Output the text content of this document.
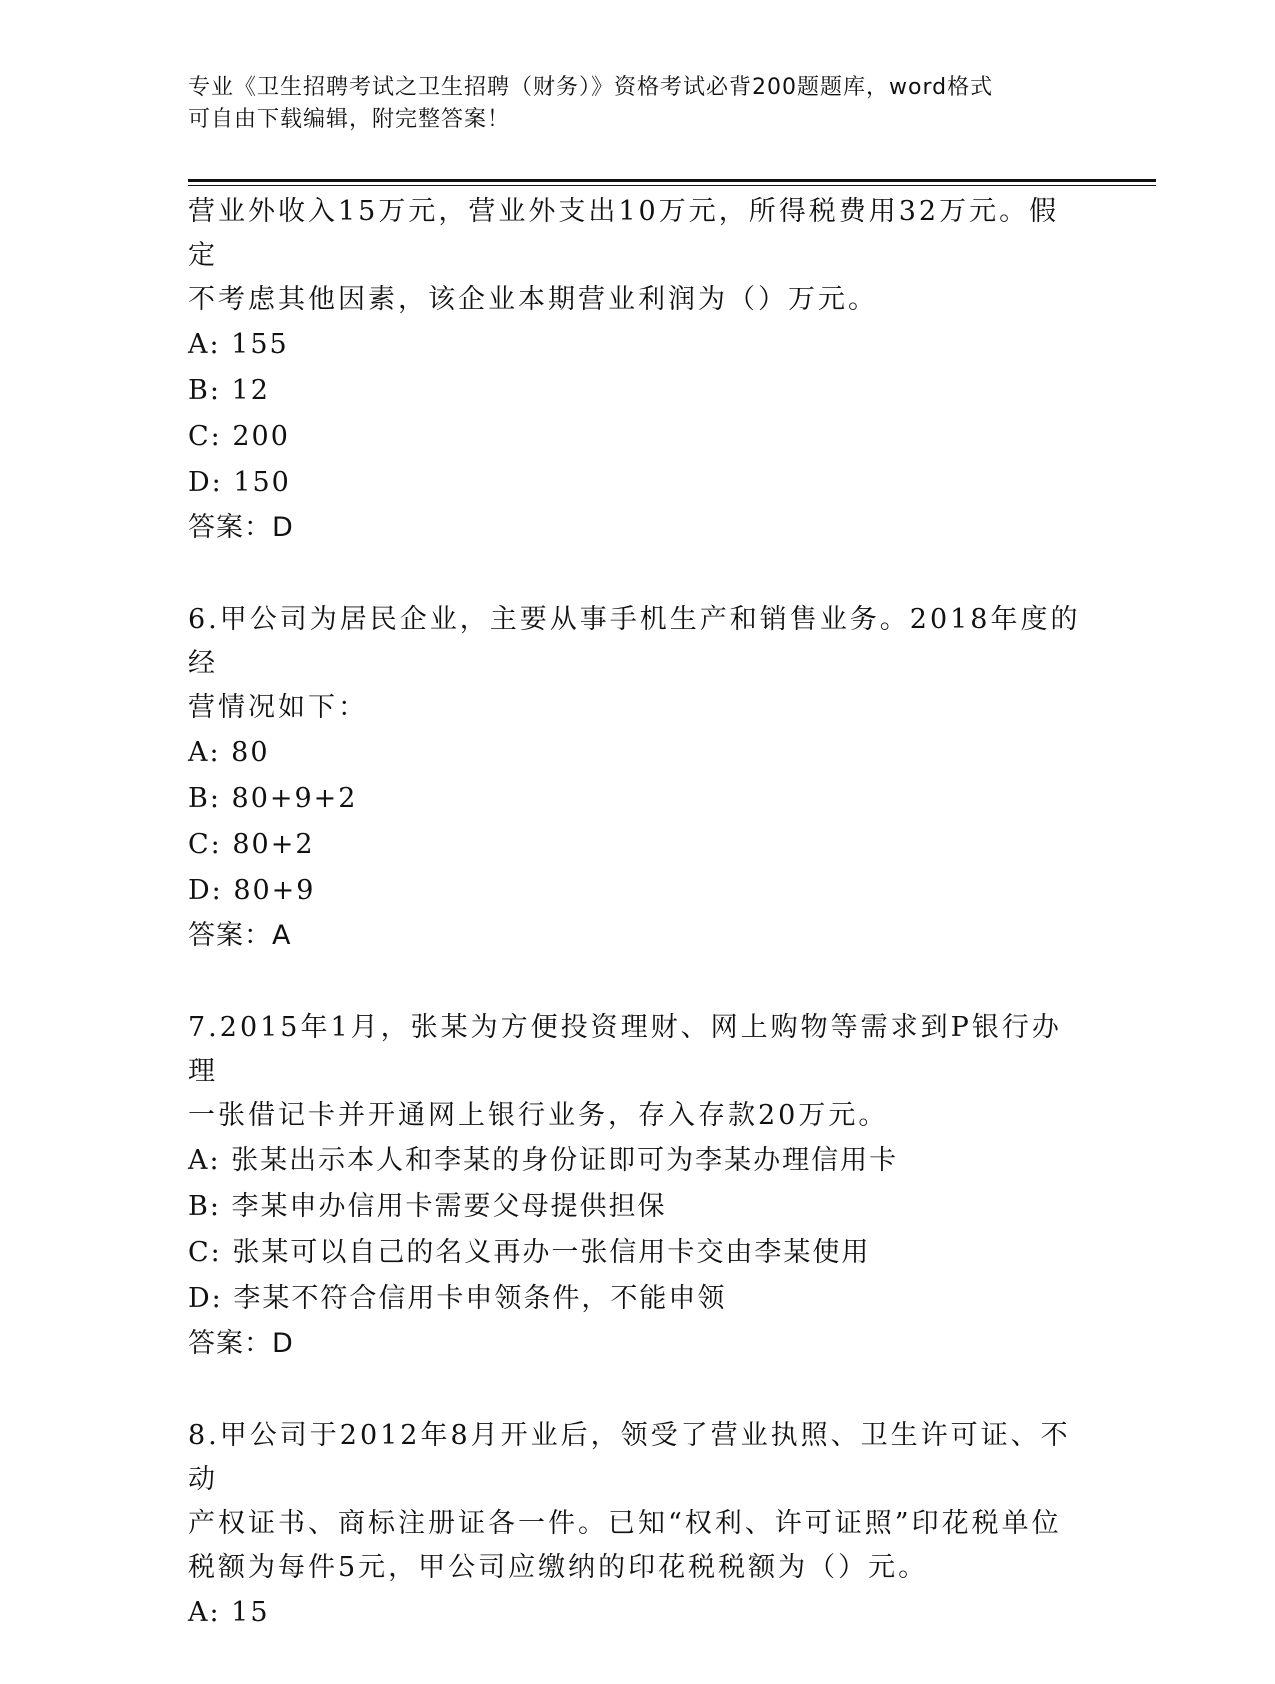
专业《卫生招聘考试之卫生招聘（财务）》资格考试必背200题题库，word格式
可自由下载编辑，附完整答案！

营业外收入15万元，营业外支出10万元，所得税费用32万元。假定

不考虑其他因素，该企业本期营业利润为（）万元。

A: 155

B: 12

C: 200

D: 150

答案：D

6.甲公司为居民企业，主要从事手机生产和销售业务。2018年度的经

营情况如下：

A: 80

B: 80+9+2

C: 80+2

D: 80+9

答案：A

7.2015年1月，张某为方便投资理财、网上购物等需求到P银行办理

一张借记卡并开通网上银行业务，存入存款20万元。

A: 张某出示本人和李某的身份证即可为李某办理信用卡

B: 李某申办信用卡需要父母提供担保

C: 张某可以自己的名义再办一张信用卡交由李某使用

D: 李某不符合信用卡申领条件，不能申领

答案：D

8.甲公司于2012年8月开业后，领受了营业执照、卫生许可证、不动

产权证书、商标注册证各一件。已知“权利、许可证照”印花税单位

税额为每件5元，甲公司应缴纳的印花税税额为（）元。

A: 15
